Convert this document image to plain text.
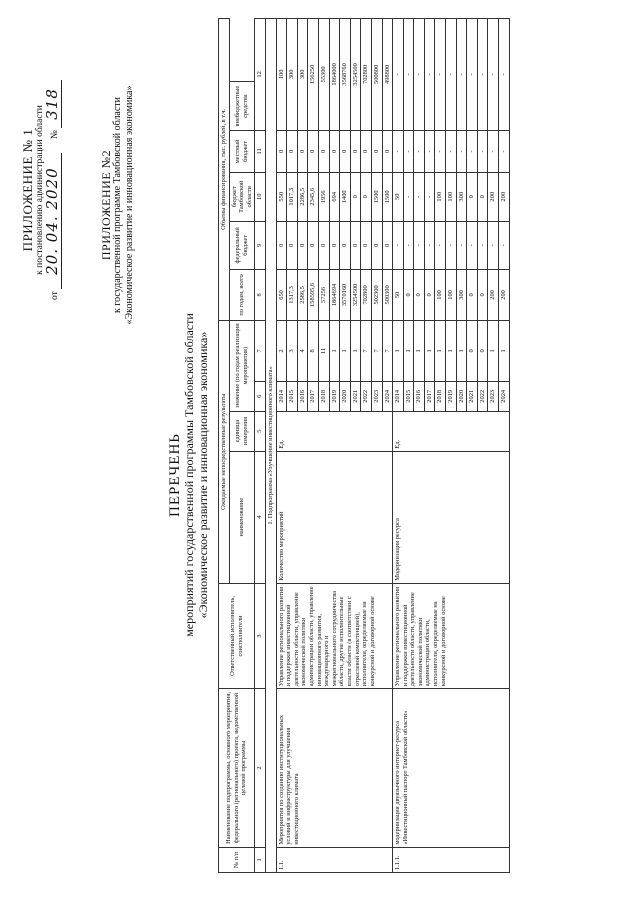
ПРИЛОЖЕНИЕ № 1 к постановлению администрации области
от 20. 04. 2020      № 318
ПРИЛОЖЕНИЕ №2 к государственной программе Тамбовской области «Экономическое развитие и инновационная экономика»
ПЕРЕЧЕНЬ мероприятий государственной программы Тамбовской области «Экономическое развитие и инновационная экономика»
№ п/п	Наименование подпрограммы, основного мероприятия, федерального (регионального) проекта, ведомственной целевой программы	Ответственный исполнитель, соисполнители	Ожидаемые непосредственные результаты				Объемы финансирования, тыс. рублей, в т.ч.					
			наименование	единица измерения	значение (по годам реализации мероприятия)		по годам, всего	федеральный бюджет	бюджет Тамбовской области	местный бюджет	внебюджетные средства	
1	2	3	4	5	6	7	8	9	10	11	12	
1. Подпрограмма «Улучшение инвестиционного климата»												
1.1.	Мероприятия по созданию институциональных условий и инфраструктуры для улучшения инвестиционного климата	Управление регионального развития и поддержки инвестиционной деятельности области, управление экономической политики администрации области, управление инновационного развития, международного и межрегионального сотрудничества области, другие исполнительные власти области (в соответствии с отраслевой компетенцией), исполнители, определяемые на конкурсной и договорной основе	Количество мероприятий	Ед.	2014	2	650	0	550	0	100	
					2015	3	1317,3	0	1017,3	0	300	
					2016	4	2586,5	0	2286,5	0	300	
					2017	8	158595,6	0	2345,6	0	156250	
					2018	11	57256	0	1956	0	55300	
					2019	1	1864694	0	694	0	1864000	
					2020	1	3570160	0	1400	0	3568760	
					2021	1	3254500	0	0	0	3254500	
					2022	7	702800	0	0	0	702800	
					2023	7	502300	0	1500	0	500800	
					2024	7	500300	0	1500	0	498800	
1.1.1.	модернизация двуязычного интернет-ресурса «Инвестиционный паспорт Тамбовской области»	Управление регионального развития и поддержки инвестиционной деятельности области, управление экономической политики администрации области, исполнители, определяемые на конкурсной и договорной основе	Модернизация ресурса	Ед.	2014	1	50	-	50	-	-	
					2015	1	0	-	-	-	-	
					2016	1	0	-	-	-	-	
					2017	1	0	-	-	-	-	
					2018	1	100	-	100	-	-	
					2019	1	100	-	100	-	-	
					2020	1	300	-	300	-	-	
					2021	0	0	-	0	-	-	
					2022	0	0	-	0	-	-	
					2023	1	200	-	200	-	-	
					2024	1	200	-	200	-	-	
